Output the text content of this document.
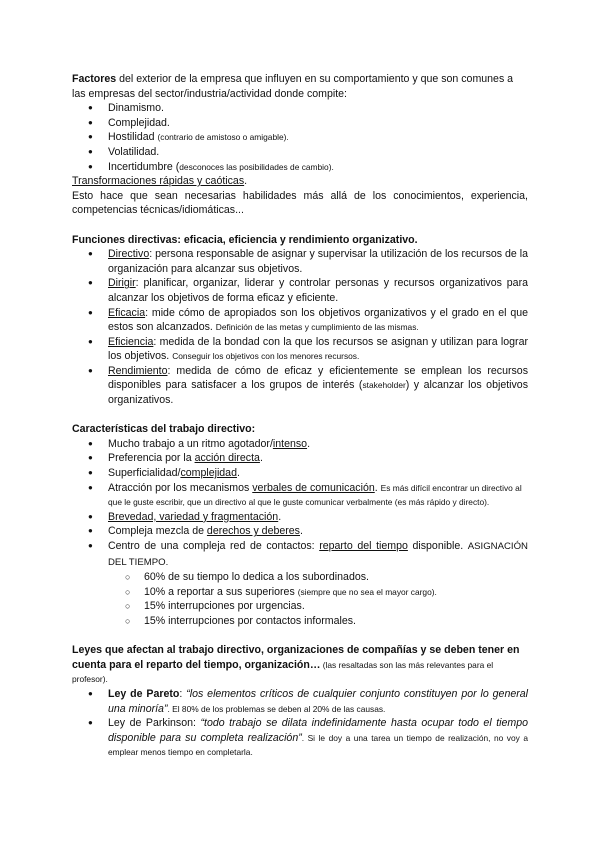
Factores del exterior de la empresa que influyen en su comportamiento y que son comunes a las empresas del sector/industria/actividad donde compite:

● Dinamismo.
● Complejidad.
● Hostilidad (contrario de amistoso o amigable).
● Volatilidad.
● Incertidumbre (desconoces las posibilidades de cambio).

Transformaciones rápidas y caóticas.

Esto hace que sean necesarias habilidades más allá de los conocimientos, experiencia, competencias técnicas/idiomáticas...

Funciones directivas: eficacia, eficiencia y rendimiento organizativo.

● Directivo: persona responsable de asignar y supervisar la utilización de los recursos de la organización para alcanzar sus objetivos.
● Dirigir: planificar, organizar, liderar y controlar personas y recursos organizativos para alcanzar los objetivos de forma eficaz y eficiente.
● Eficacia: mide cómo de apropiados son los objetivos organizativos y el grado en el que estos son alcanzados. Definición de las metas y cumplimiento de las mismas.
● Eficiencia: medida de la bondad con la que los recursos se asignan y utilizan para lograr los objetivos. Conseguir los objetivos con los menores recursos.
● Rendimiento: medida de cómo de eficaz y eficientemente se emplean los recursos disponibles para satisfacer a los grupos de interés (stakeholder) y alcanzar los objetivos organizativos.

Características del trabajo directivo:

● Mucho trabajo a un ritmo agotador/intenso.
● Preferencia por la acción directa.
● Superficialidad/complejidad.
● Atracción por los mecanismos verbales de comunicación. Es más difícil encontrar un directivo al que le guste escribir, que un directivo al que le guste comunicar verbalmente (es más rápido y directo).
● Brevedad, variedad y fragmentación.
● Compleja mezcla de derechos y deberes.
● Centro de una compleja red de contactos: reparto del tiempo disponible. ASIGNACIÓN DEL TIEMPO.
○ 60% de su tiempo lo dedica a los subordinados.
○ 10% a reportar a sus superiores (siempre que no sea el mayor cargo).
○ 15% interrupciones por urgencias.
○ 15% interrupciones por contactos informales.

Leyes que afectan al trabajo directivo, organizaciones de compañías y se deben tener en cuenta para el reparto del tiempo, organización… (las resaltadas son las más relevantes para el profesor).

● Ley de Pareto: “los elementos críticos de cualquier conjunto constituyen por lo general una minoría”. El 80% de los problemas se deben al 20% de las causas.
● Ley de Parkinson: “todo trabajo se dilata indefinidamente hasta ocupar todo el tiempo disponible para su completa realización”. Si le doy a una tarea un tiempo de realización, no voy a emplear menos tiempo en completarla.
